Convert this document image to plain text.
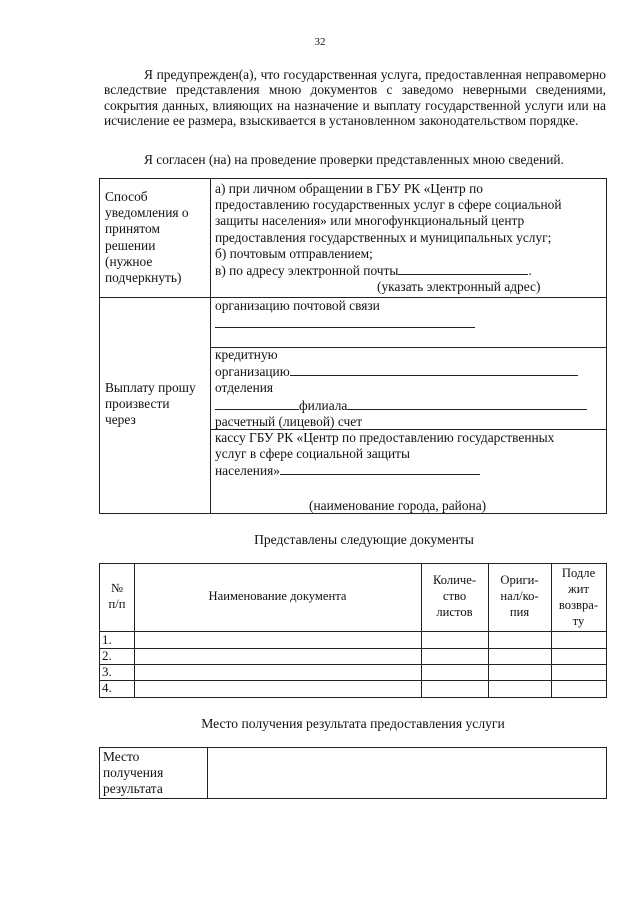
32

Я предупрежден(а), что государственная услуга, предоставленная неправомерно вследствие представления мною документов с заведомо неверными сведениями, сокрытия данных, влияющих на назначение и выплату государственной услуги или на исчисление ее размера, взыскивается в установленном законодательством порядке.

Я согласен (на) на проведение проверки представленных мною сведений.

Способ
уведомления о
принятом
решении
(нужное
подчеркнуть)
а) при личном обращении в ГБУ РК «Центр по
предоставлению государственных услуг в сфере социальной
защиты населения» или многофункциональный центр
предоставления государственных и муниципальных услуг;
б) почтовым отправлением;
в) по адресу электронной почты	.
(указать электронный адрес)
Выплату прошу
произвести
через
организацию почтовой связи
кредитную
организацию
отделения
филиала
расчетный (лицевой) счет
кассу ГБУ РК «Центр по предоставлению государственных
услуг в сфере социальной защиты
населения»
(наименование города, района)
Представлены следующие документы
№
п/п
Наименование документа
Количе-
ство
листов
Ориги-
нал/ко-
пия
Подле
жит
возвра-
ту
1.
2.
3.
4.
Место получения результата предоставления услуги
Место
получения
результата
